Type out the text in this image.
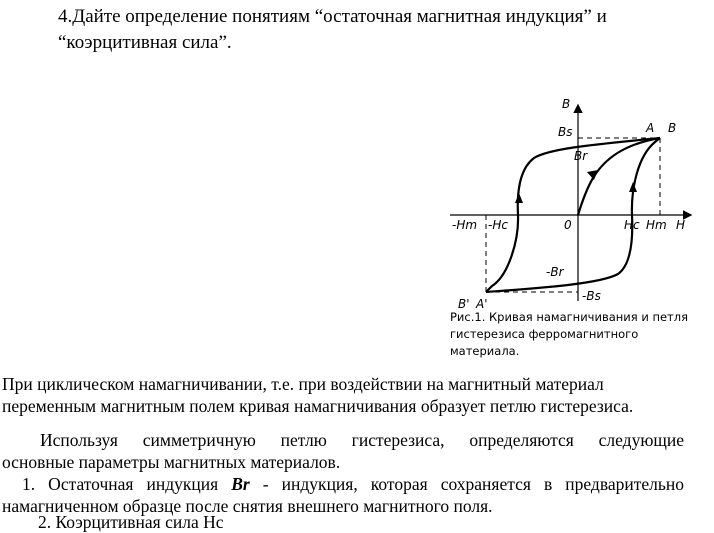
4.Дайте определение понятиям “остаточная магнитная индукция” и
“коэрцитивная сила”.
B
Bs
Br
A B
-Hm -Hc	0	Hc Hm H
-Br
-Bs
B' A'
Рис.1. Кривая намагничивания и петля гистерезиса ферромагнитного материала.
При циклическом намагничивании, т.е. при воздействии на магнитный материал переменным магнитным полем кривая намагничивания образует петлю гистерезиса.
Используя симметричную петлю гистерезиса, определяются следующие
основные параметры магнитных материалов.
1. Остаточная индукция Br - индукция, которая сохраняется в предварительно
намагниченном образце после снятия внешнего магнитного поля.
2. Коэрцитивная сила Hc
